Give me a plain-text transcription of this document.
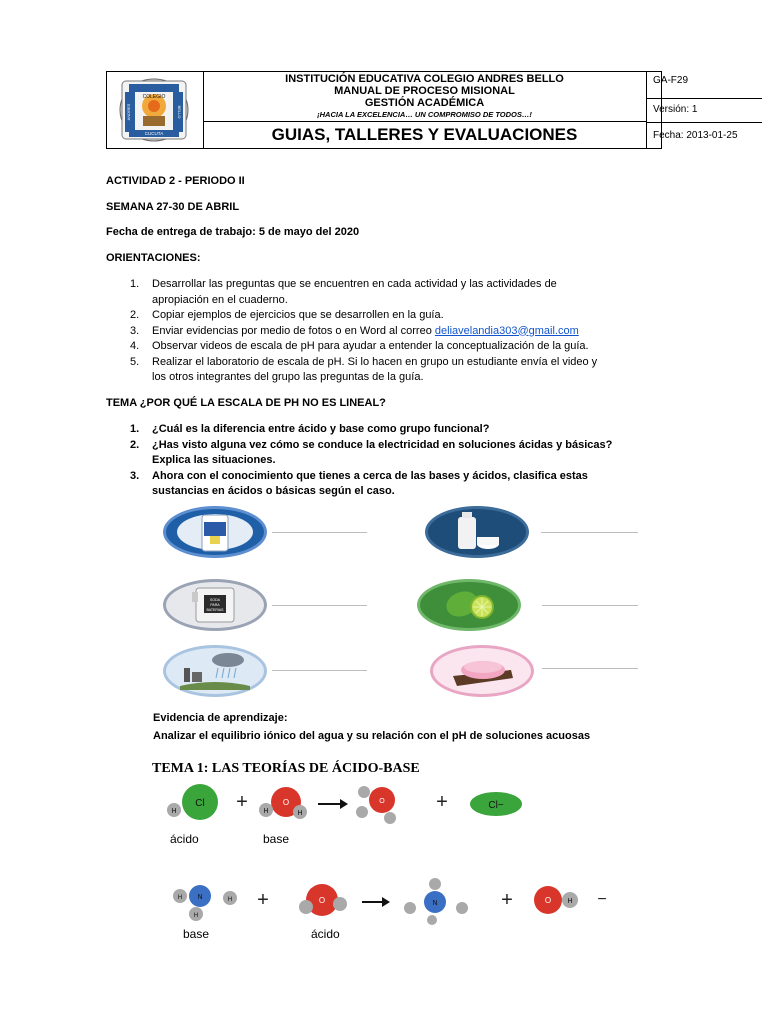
COLEGIO
ANDRES	BELLO
CUCUTA
INSTITUCIÓN EDUCATIVA COLEGIO ANDRES BELLO
MANUAL DE PROCESO MISIONAL
GESTIÓN ACADÉMICA
¡HACIA LA EXCELENCIA… UN COMPROMISO DE TODOS…!
GUIAS, TALLERES Y EVALUACIONES
GA-F29
Versión: 1
Fecha: 2013-01-25
ACTIVIDAD 2 - PERIODO II
SEMANA 27-30 DE ABRIL
Fecha de entrega de trabajo: 5 de mayo del 2020
ORIENTACIONES:
1. Desarrollar las preguntas que se encuentren en cada actividad y las actividades de
apropiación en el cuaderno.
2. Copiar ejemplos de ejercicios que se desarrollen en la guía.
3. Enviar evidencias por medio de fotos o en Word al correo deliavelandia303@gmail.com
4. Observar videos de escala de pH para ayudar a entender la conceptualización de la guía.
5. Realizar el laboratorio de escala de pH. Si lo hacen en grupo un estudiante envía el video y
los otros integrantes del grupo las preguntas de la guía.
TEMA ¿POR QUÉ LA ESCALA DE PH NO ES LINEAL?
1. ¿Cuál es la diferencia entre ácido y base como grupo funcional?
2. ¿Has visto alguna vez cómo se conduce la electricidad en soluciones ácidas y básicas?
Explica las situaciones.
3. Ahora con el conocimiento que tienes a cerca de las bases y ácidos, clasifica estas
sustancias en ácidos o básicas según el caso.
SODA
PARA
BATERIAS
Evidencia de aprendizaje:
Analizar el equilibrio iónico del agua y su relación con el pH de soluciones acuosas
TEMA 1: LAS TEORÍAS DE ÁCIDO-BASE
Cl
H	+	O
H	H
O	+	Cl−
ácido	base
N
H	H
H
+	O	N	+	O H −
base	ácido
